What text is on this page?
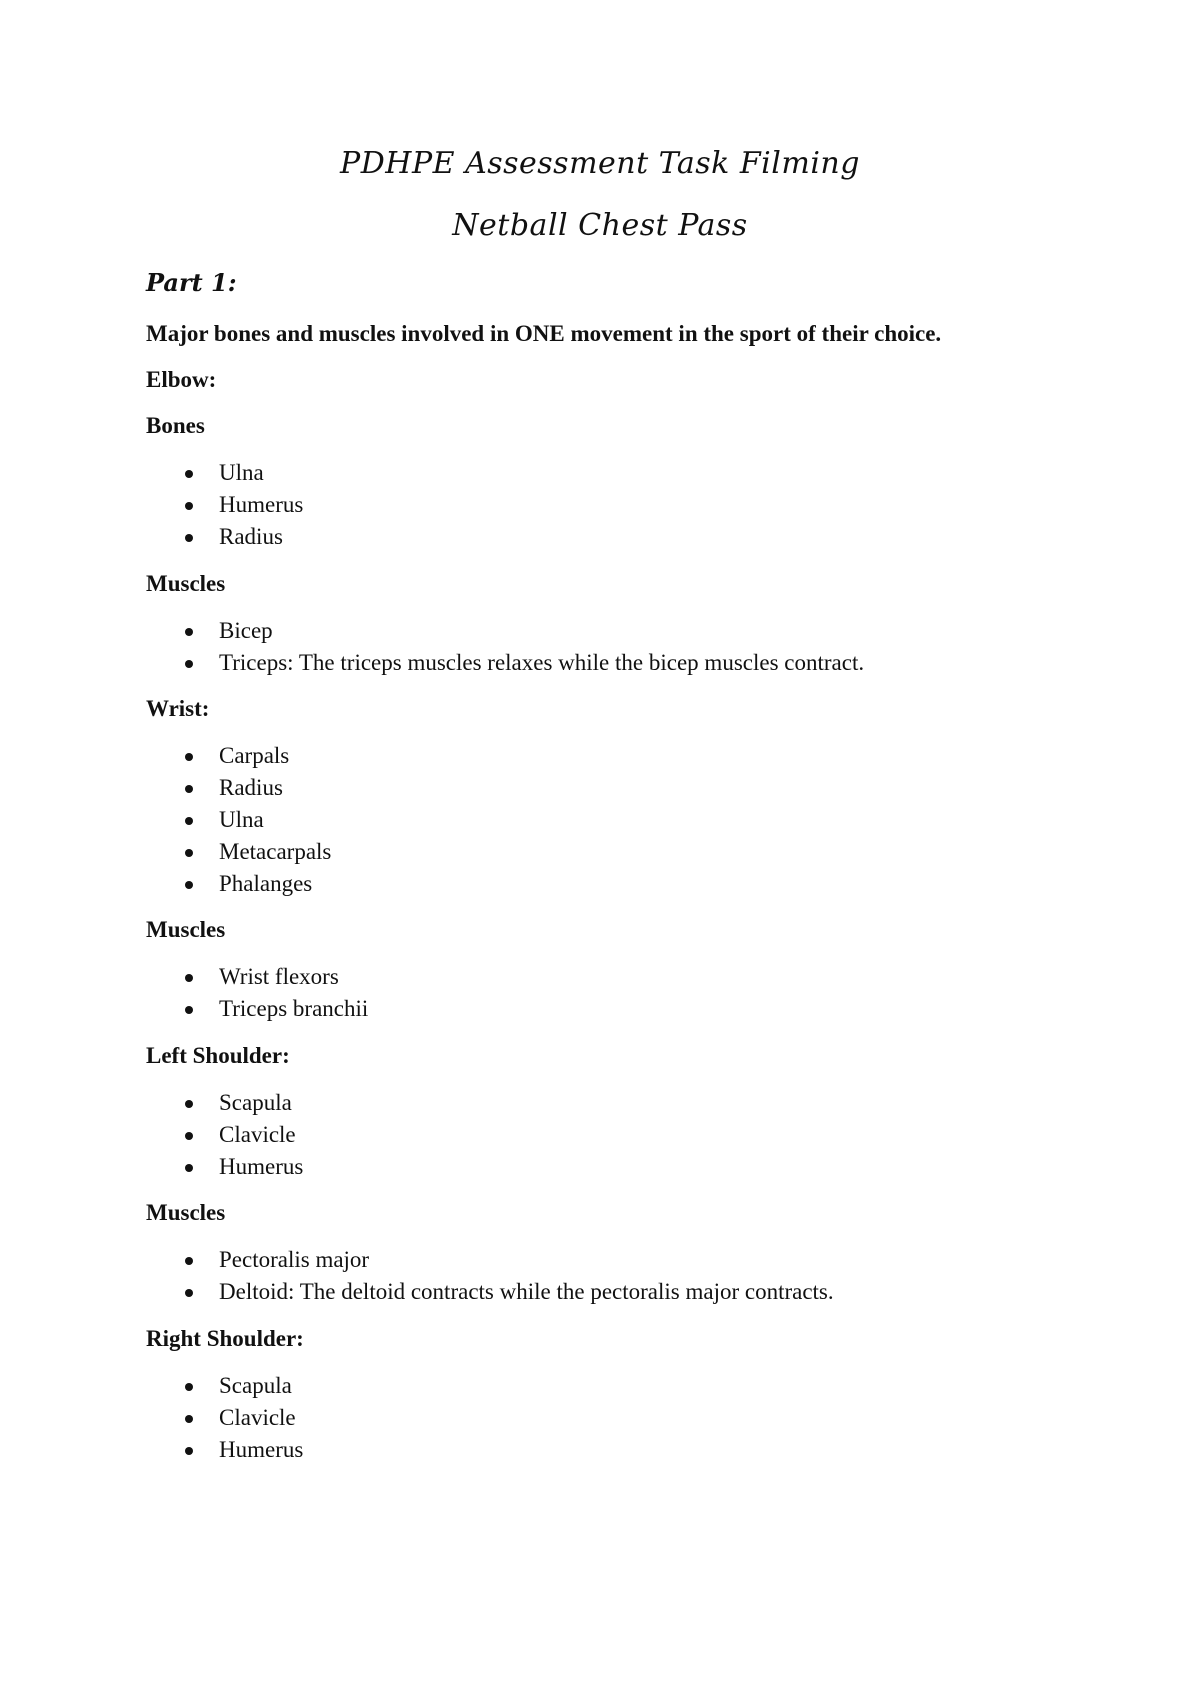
PDHPE Assessment Task Filming
Netball Chest Pass
Part 1:

Major bones and muscles involved in ONE movement in the sport of their choice.

Elbow:

Bones

Ulna
Humerus
Radius

Muscles

Bicep
Triceps: The triceps muscles relaxes while the bicep muscles contract.

Wrist:

Carpals
Radius
Ulna
Metacarpals
Phalanges

Muscles

Wrist flexors
Triceps branchii

Left Shoulder:

Scapula
Clavicle
Humerus

Muscles

Pectoralis major
Deltoid: The deltoid contracts while the pectoralis major contracts.

Right Shoulder:

Scapula
Clavicle
Humerus
